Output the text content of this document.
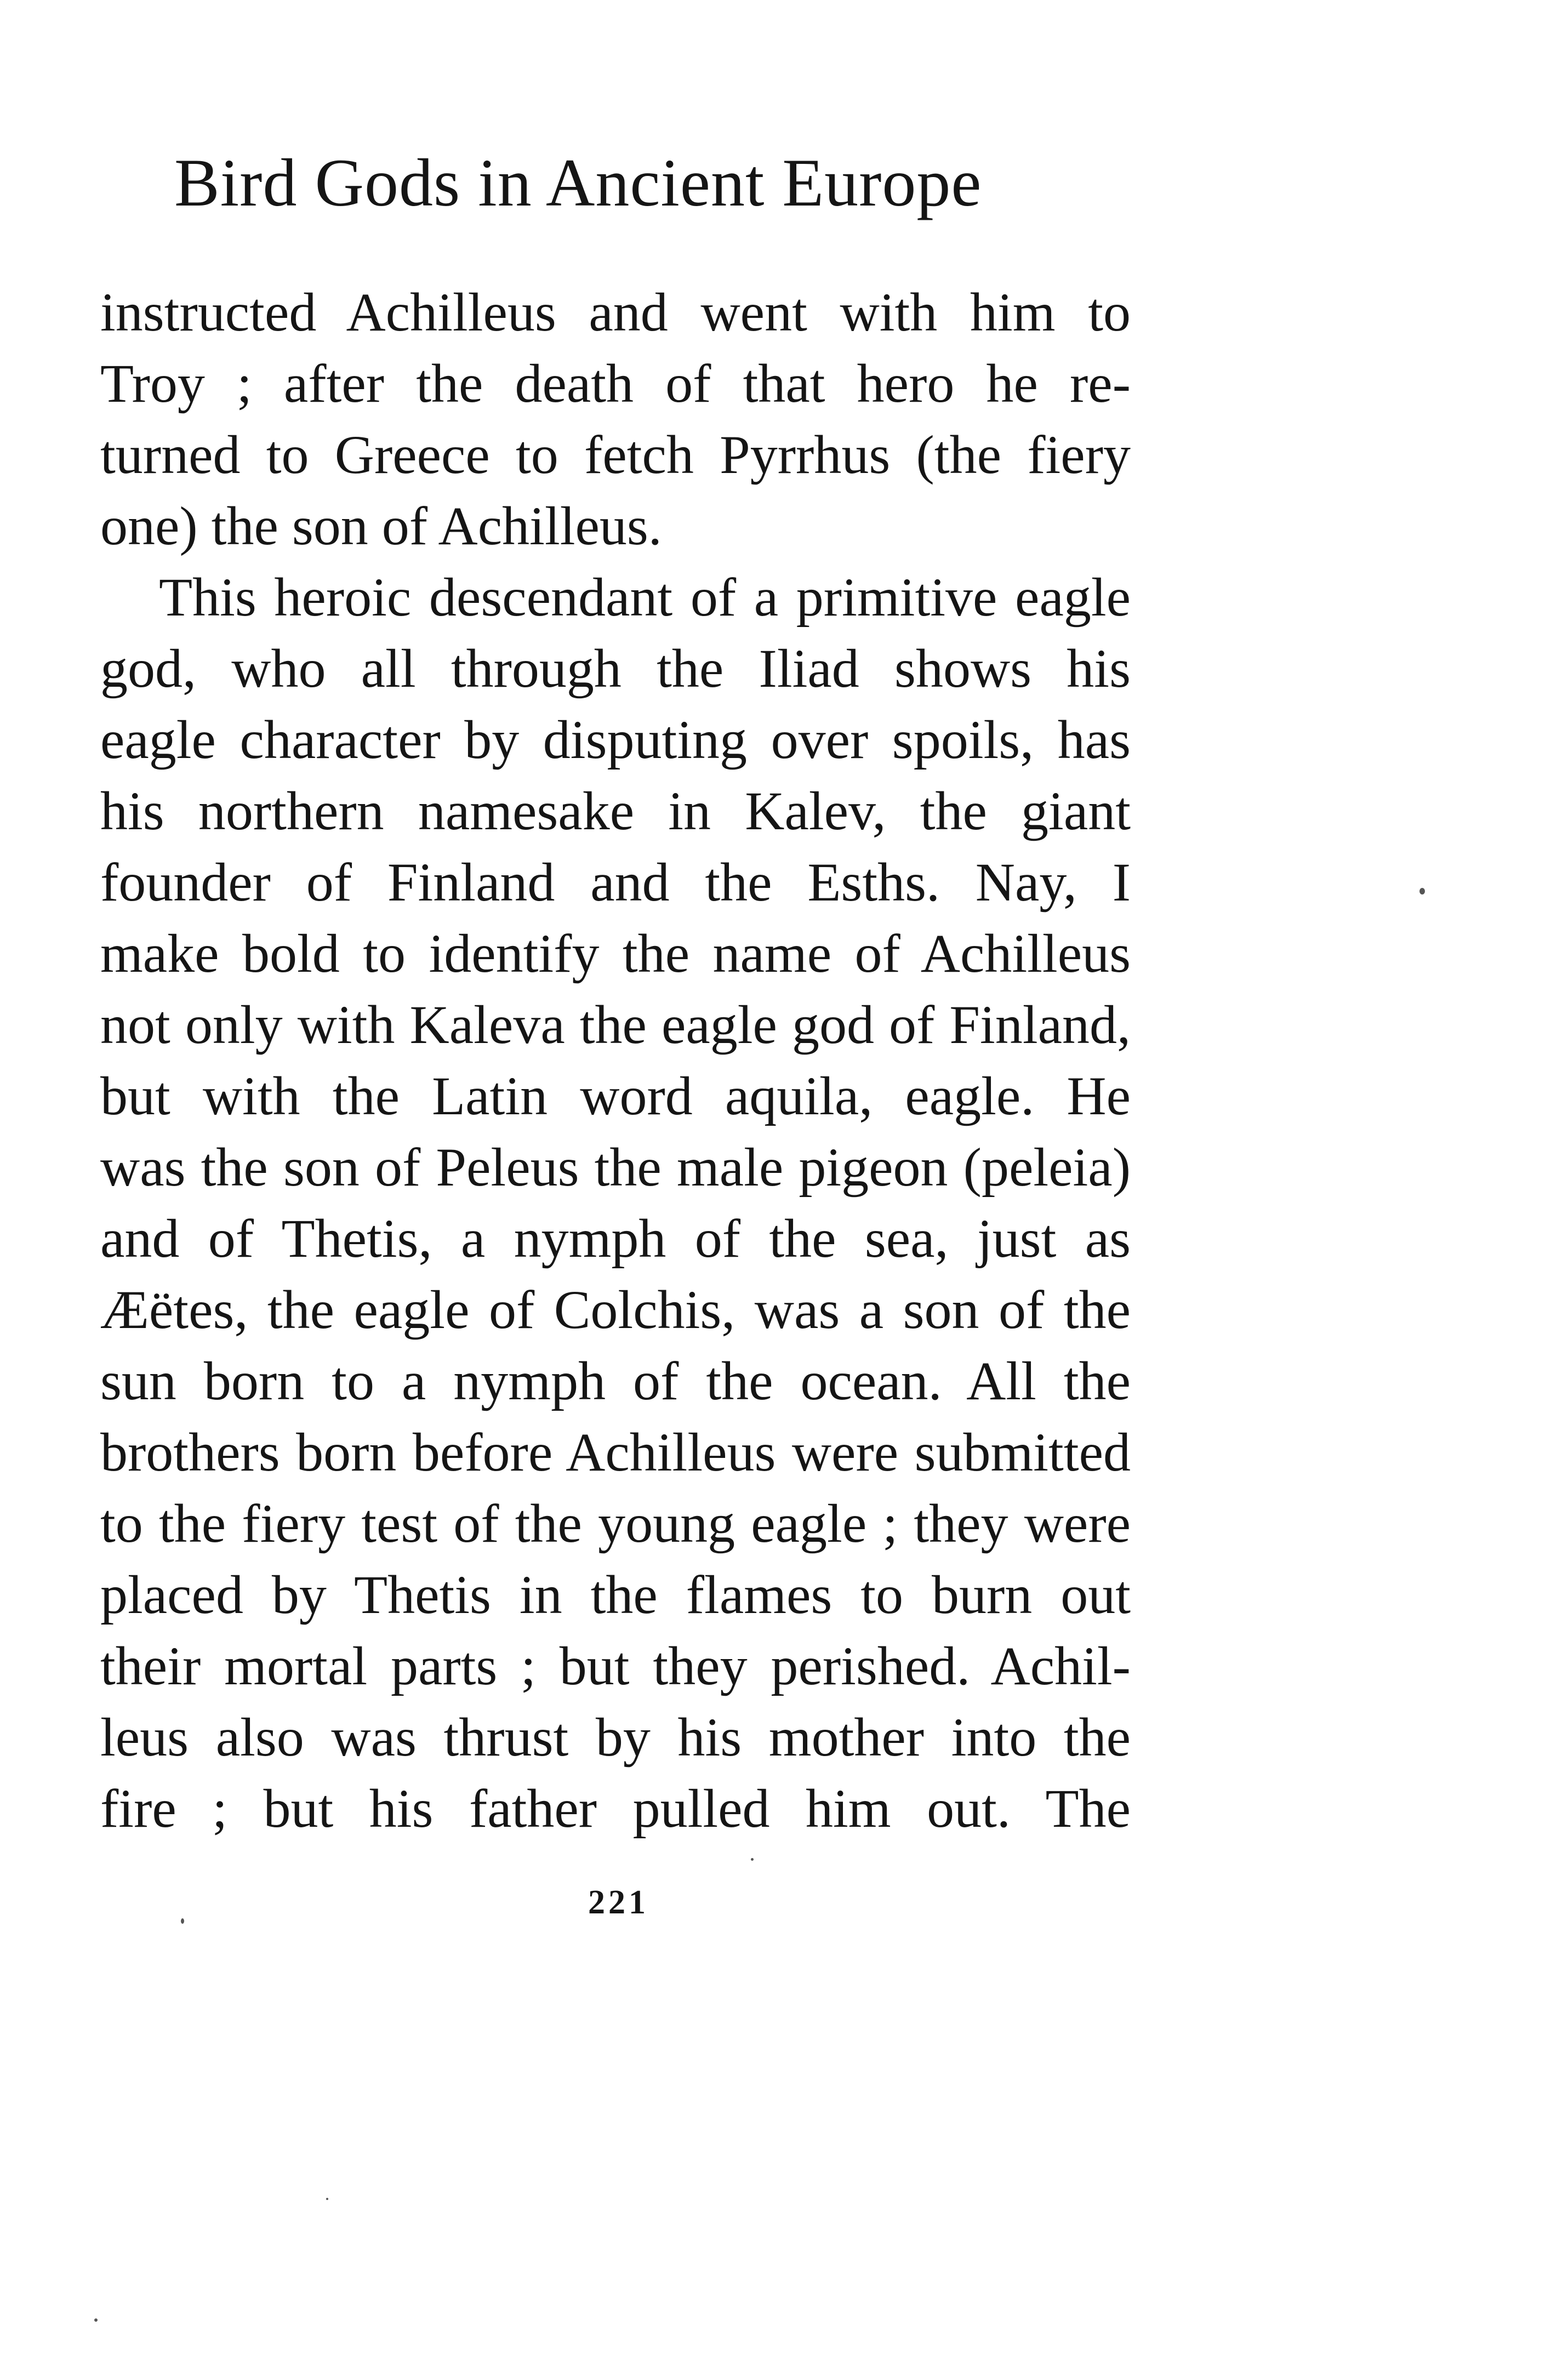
Bird Gods in Ancient Europe
instructed Achilleus and went with him to
Troy ; after the death of that hero he re-
turned to Greece to fetch Pyrrhus (the fiery
one) the son of Achilleus.
This heroic descendant of a primitive eagle
god, who all through the Iliad shows his
eagle character by disputing over spoils, has
his northern namesake in Kalev, the giant
founder of Finland and the Esths. Nay, I
make bold to identify the name of Achilleus
not only with Kaleva the eagle god of Finland,
but with the Latin word aquila, eagle. He
was the son of Peleus the male pigeon (peleia)
and of Thetis, a nymph of the sea, just as
Æëtes, the eagle of Colchis, was a son of the
sun born to a nymph of the ocean. All the
brothers born before Achilleus were submitted
to the fiery test of the young eagle ; they were
placed by Thetis in the flames to burn out
their mortal parts ; but they perished. Achil-
leus also was thrust by his mother into the
fire ; but his father pulled him out. The
221
